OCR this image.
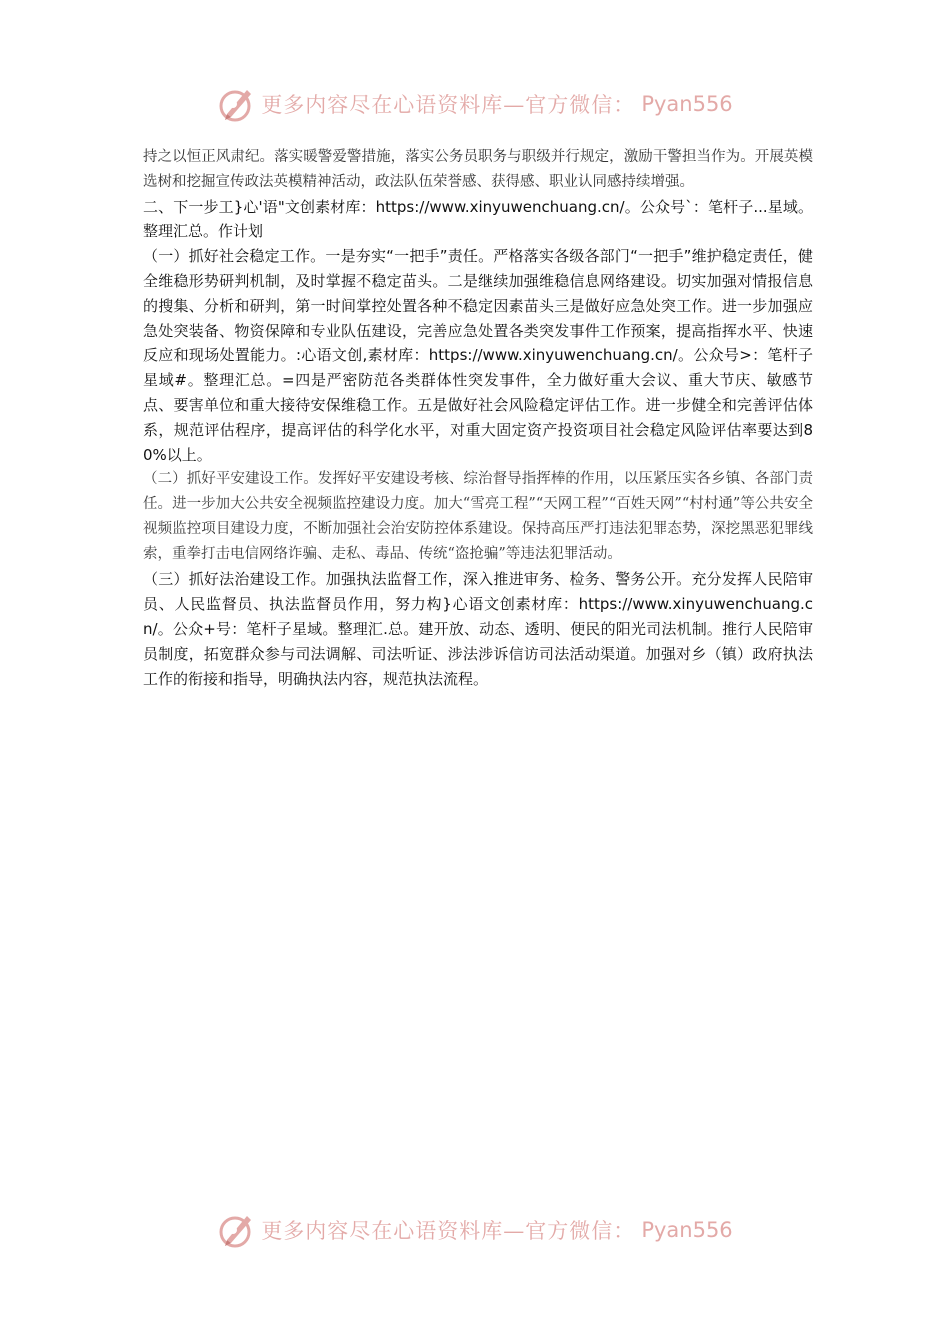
更多内容尽在心语资料库—官方微信： Pyan556

持之以恒正风肃纪。落实暖警爱警措施，落实公务员职务与职级并行规定，激励干警担当作为。开展英模选树和挖掘宣传政法英模精神活动，政法队伍荣誉感、获得感、职业认同感持续增强。

二、下一步工}心'语"文创素材库：https://www.xinyuwenchuang.cn/。公众号`：笔杆子...星域。整理汇总。作计划

（一）抓好社会稳定工作。一是夯实“一把手”责任。严格落实各级各部门“一把手”维护稳定责任，健全维稳形势研判机制，及时掌握不稳定苗头。二是继续加强维稳信息网络建设。切实加强对情报信息的搜集、分析和研判，第一时间掌控处置各种不稳定因素苗头三是做好应急处突工作。进一步加强应急处突装备、物资保障和专业队伍建设，完善应急处置各类突发事件工作预案，提高指挥水平、快速反应和现场处置能力。:心语文创,素材库：https://www.xinyuwenchuang.cn/。公众号>：笔杆子星域#。整理汇总。=四是严密防范各类群体性突发事件，全力做好重大会议、重大节庆、敏感节点、要害单位和重大接待安保维稳工作。五是做好社会风险稳定评估工作。进一步健全和完善评估体系，规范评估程序，提高评估的科学化水平，对重大固定资产投资项目社会稳定风险评估率要达到80%以上。

（二）抓好平安建设工作。发挥好平安建设考核、综治督导指挥棒的作用，以压紧压实各乡镇、各部门责任。进一步加大公共安全视频监控建设力度。加大“雪亮工程”“天网工程”“百姓天网”“村村通”等公共安全视频监控项目建设力度，不断加强社会治安防控体系建设。保持高压严打违法犯罪态势，深挖黑恶犯罪线索，重拳打击电信网络诈骗、走私、毒品、传统“盗抢骗”等违法犯罪活动。

（三）抓好法治建设工作。加强执法监督工作，深入推进审务、检务、警务公开。充分发挥人民陪审员、人民监督员、执法监督员作用，努力构}心语文创素材库：https://www.xinyuwenchuang.cn/。公众+号：笔杆子星域。整理汇.总。建开放、动态、透明、便民的阳光司法机制。推行人民陪审员制度，拓宽群众参与司法调解、司法听证、涉法涉诉信访司法活动渠道。加强对乡（镇）政府执法工作的衔接和指导，明确执法内容，规范执法流程。

更多内容尽在心语资料库—官方微信： Pyan556
